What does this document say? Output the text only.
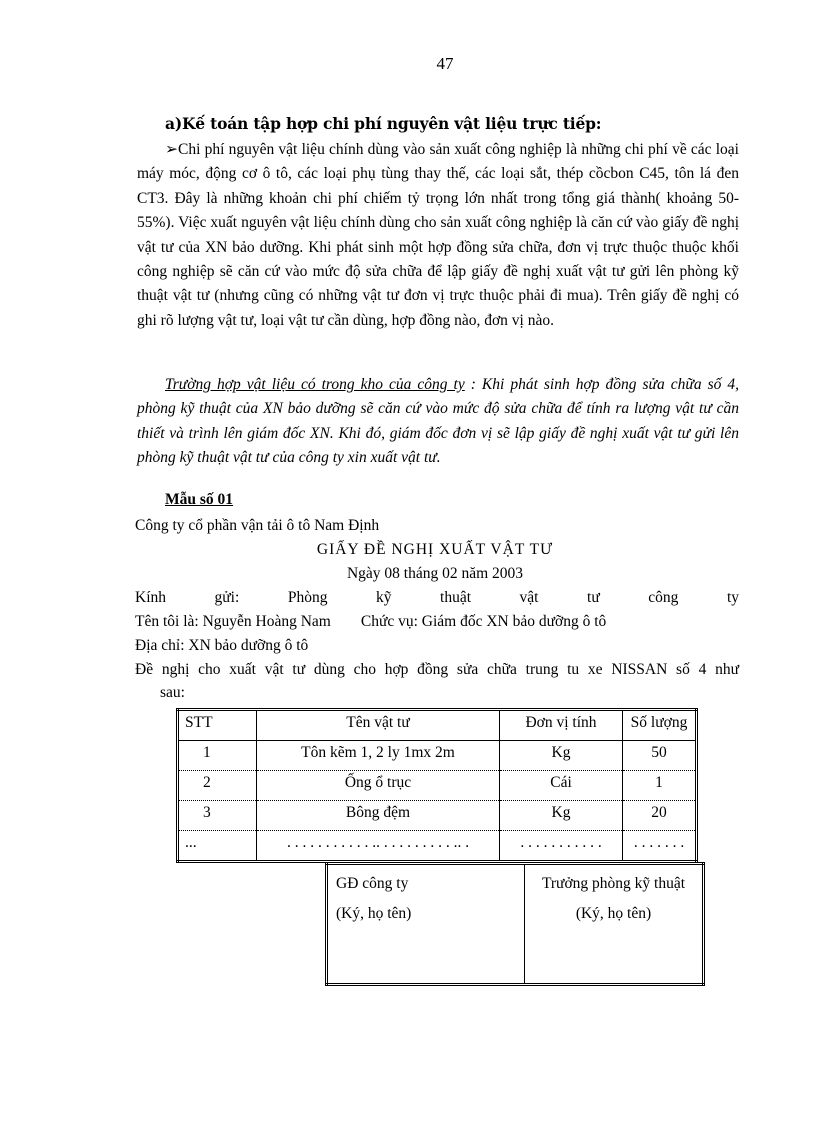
47
a)Kế toán tập hợp chi phí nguyên vật liệu trực tiếp:
➢Chi phí nguyên vật liệu chính dùng vào sản xuất công nghiệp là những chi phí về các loại máy móc, động cơ ô tô, các loại phụ tùng thay thế, các loại sắt, thép cồcbon C45, tôn lá đen CT3. Đây là những khoản chi phí chiếm tỷ trọng lớn nhất trong tổng giá thành( khoảng 50- 55%). Việc xuất nguyên vật liệu chính dùng cho sản xuất công nghiệp là căn cứ vào giấy đề nghị vật tư của XN bảo dưỡng. Khi phát sinh một hợp đồng sửa chữa, đơn vị trực thuộc thuộc khối công nghiệp sẽ căn cứ vào mức độ sửa chữa để lập giấy đề nghị xuất vật tư gửi lên phòng kỹ thuật vật tư (nhưng cũng có những vật tư đơn vị trực thuộc phải đi mua). Trên giấy đề nghị có ghi rõ lượng vật tư, loại vật tư cần dùng, hợp đồng nào, đơn vị nào.
Trường hợp vật liệu có trong kho của công ty : Khi phát sinh hợp đồng sửa chữa số 4, phòng kỹ thuật của XN bảo dưỡng sẽ căn cứ vào mức độ sửa chữa để tính ra lượng vật tư cần thiết và trình lên giám đốc XN. Khi đó, giám đốc đơn vị sẽ lập giấy đề nghị xuất vật tư gửi lên phòng kỹ thuật vật tư của công ty xin xuất vật tư.
Mẫu số 01
Công ty cổ phần vận tải ô tô Nam Định
GIẤY ĐỀ NGHỊ XUẤT VẬT TƯ
Ngày 08 tháng 02 năm 2003
Kính	gửi:	Phòng	kỹ	thuật	vật	tư	công	ty
Tên tôi là: Nguyễn Hoàng Nam Chức vụ: Giám đốc XN bảo dưỡng ô tô
Địa chỉ: XN bảo dưỡng ô tô
Đề nghị cho xuất vật tư dùng cho hợp đồng sửa chữa trung tu xe NISSAN số 4 như
sau:
STT	Tên vật tư	Đơn vị tính	Số lượng
1	Tôn kẽm 1, 2 ly 1mx 2m	Kg	50
2	Ống ổ trục	Cái	1
3	Bông đệm	Kg	20
...	. . . . . . . . . . . .. . . . . . . . . . .. .	. . . . . . . . . . .	. . . . . . .
GĐ công ty
(Ký, họ tên)

Trưởng phòng kỹ thuật
(Ký, họ tên)
